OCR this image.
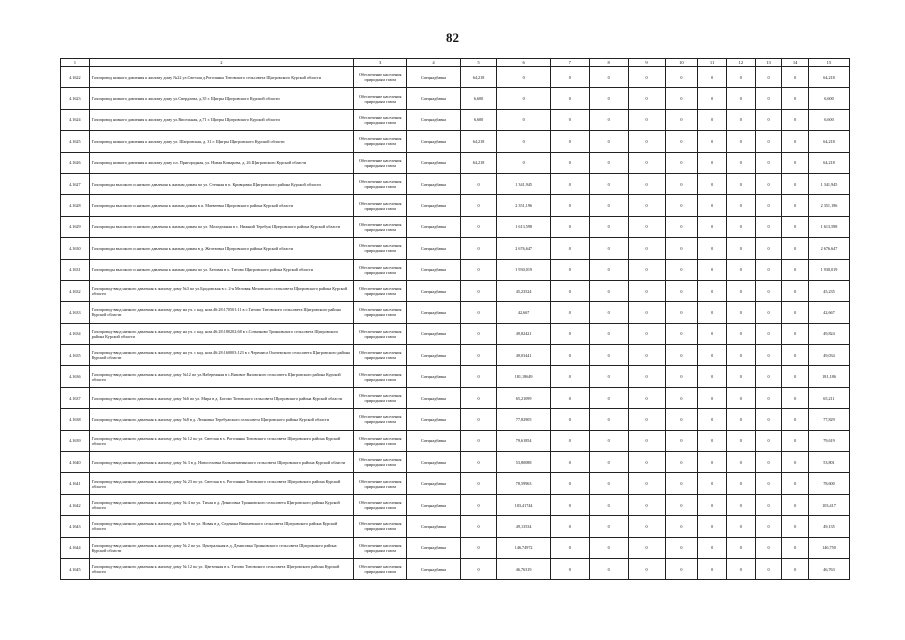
82
1	2	3	4	5	6	7	8	9	10	11	12	13	14	15
4.1622	Газопровод низкого давления к жилому дому №22 ул.Светлая д.Рогозинка Титовского сельсовета Щигровского Курской области	Обеспечение населения природным газом	Спецнадбавка	64,218	0	0	0	0	0	0	0	0	0	64,218
4.1623	Газопровод низкого давления к жилому дому ул.Свердлова, д.35 г. Щигры Щигровского Курской области	Обеспечение населения природным газом	Спецнадбавка	6,600	0	0	0	0	0	0	0	0	0	6,600
4.1624	Газопровод низкого давления к жилому дому ул.Висельная, д.71 г. Щигры Щигровского Курской области	Обеспечение населения природным газом	Спецнадбавка	6,600	0	0	0	0	0	0	0	0	0	6,600
4.1625	Газопровод низкого давления к жилому дому ул. Шагровская, д. 31 г. Щигры Щигровского Курской области	Обеспечение населения природным газом	Спецнадбавка	64,218	0	0	0	0	0	0	0	0	0	64,218
4.1626	Газопровод низкого давления к жилому дому пл. Пригородная, ул. Новая Комарова, д. 26 Щигровского Курской области	Обеспечение населения природным газом	Спецнадбавка	64,218	0	0	0	0	0	0	0	0	0	64,218
4.1627	Газопроводы высокого и низкого давления к жилым домам по ул. Степная в п. Кривцовка Щигровского района Курской области	Обеспечение населения природным газом	Спецнадбавка	0	1 341,945	0	0	0	0	0	0	0	0	1 341,945
4.1628	Газопроводы высокого и низкого давления к жилым домам в п. Матвеевка Щигровского района Курской области	Обеспечение населения природным газом	Спецнадбавка	0	2 351,196	0	0	0	0	0	0	0	0	2 351,196
4.1629	Газопроводы высокого и низкого давления к жилым домам по ул. Молодежная в с. Нижний Теребуж Щигровского района Курской области	Обеспечение населения природным газом	Спецнадбавка	0	1 613,598	0	0	0	0	0	0	0	0	1 613,598
4.1630	Газопроводы высокого и низкого давления к жилым домам в д. Железовка Щигровского района Курской области	Обеспечение населения природным газом	Спецнадбавка	0	2 676,647	0	0	0	0	0	0	0	0	2 676,647
4.1631	Газопроводы высокого и низкого давления к жилым домам по ул. Беговая в х. Титово Щигровского района Курской области	Обеспечение населения природным газом	Спецнадбавка	0	1 930,019	0	0	0	0	0	0	0	0	1 930,019
4.1632	Газопровод-ввод низкого давления к жилому дому №3 по ул.Бродовская в с. 2-я Меловая Меловского сельсовета Щигровского района Курской области	Обеспечение населения природным газом	Спецнадбавка	0	45,23524	0	0	0	0	0	0	0	0	45,235
4.1633	Газопровод-ввод низкого давления к жилому дому на уч. с кад. ном.46:28:170501:11 в с.Титово Титовского сельсовета Щигровского района Курской области	Обеспечение населения природным газом	Спецнадбавка	0	42,667	0	0	0	0	0	0	0	0	42,667
4.1634	Газопровод-ввод низкого давления к жилому дому на уч. с кад. ном.46:28:180202:68 в с.Сотниково Трояновского сельсовета Щигровского района Курской области	Обеспечение населения природным газом	Спецнадбавка	0	49,82421	0	0	0	0	0	0	0	0	49,824
4.1635	Газопровод-ввод низкого давления к жилому дому на уч. с кад. ном.46:28:160003:123 в с.Черемиса Охочевского сельсовета Щигровского района Курской области	Обеспечение населения природным газом	Спецнадбавка	0	49,03441	0	0	0	0	0	0	0	0	49,034
4.1636	Газопровод-ввод низкого давления к жилому дому №12 по ул.Набережная в с.Вязовое Вязовского сельсовета Щигровского района Курской области	Обеспечение населения природным газом	Спецнадбавка	0	181,18649	0	0	0	0	0	0	0	0	181,186
4.1637	Газопровод-ввод низкого давления к жилому дому №6 по ул. Мира в д. Богово Титовского сельсовета Щигровского района Курской области	Обеспечение населения природным газом	Спецнадбавка	0	65,21099	0	0	0	0	0	0	0	0	65,211
4.1638	Газопровод-ввод низкого давления к жилому дому №8 в д. Леоновка Теребужского сельсовета Щигровского района Курской области	Обеспечение населения природным газом	Спецнадбавка	0	77,82905	0	0	0	0	0	0	0	0	77,829
4.1639	Газопровод-ввод низкого давления к жилому дому № 12 по ул. Светлая в х. Рогозинка Титовского сельсовета Щигровского района Курской области	Обеспечение населения природным газом	Спецнадбавка	0	79,61854	0	0	0	0	0	0	0	0	79,619
4.1640	Газопровод-ввод низкого давления к жилому дому № 3 в д. Новоселовка Большезмеинского сельсовета Щигровского района Курской области	Обеспечение населения природным газом	Спецнадбавка	0	53,80088	0	0	0	0	0	0	0	0	53,801
4.1641	Газопровод-ввод низкого давления к жилому дому № 23 по ул. Светлая в х. Рогозинка Титовского сельсовета Щигровского района Курской области	Обеспечение населения природным газом	Спецнадбавка	0	78,59963	0	0	0	0	0	0	0	0	78,600
4.1642	Газопровод-ввод низкого давления к жилому дому № 4 по ул. Тихая в д. Денисовка Трояновского сельсовета Щигровского района Курской области	Обеспечение населения природным газом	Спецнадбавка	0	103,41744	0	0	0	0	0	0	0	0	103,417
4.1643	Газопровод-ввод низкого давления к жилому дому № 9 по ул. Новая в д. Седенька Вишневского сельсовета Щигровского района Курской области	Обеспечение населения природным газом	Спецнадбавка	0	49,13534	0	0	0	0	0	0	0	0	49,135
4.1644	Газопровод-ввод низкого давления к жилому дому № 2 по ул. Центральная в д. Денисовка Трояновского сельсовета Щигровского района Курской области	Обеспечение населения природным газом	Спецнадбавка	0	146,74972	0	0	0	0	0	0	0	0	146,750
4.1645	Газопровод-ввод низкого давления к жилому дому № 12 по ул. Цветочная в х. Титово Титовского сельсовета Щигровского района Курской области	Обеспечение населения природным газом	Спецнадбавка	0	46,76319	0	0	0	0	0	0	0	0	46,763
